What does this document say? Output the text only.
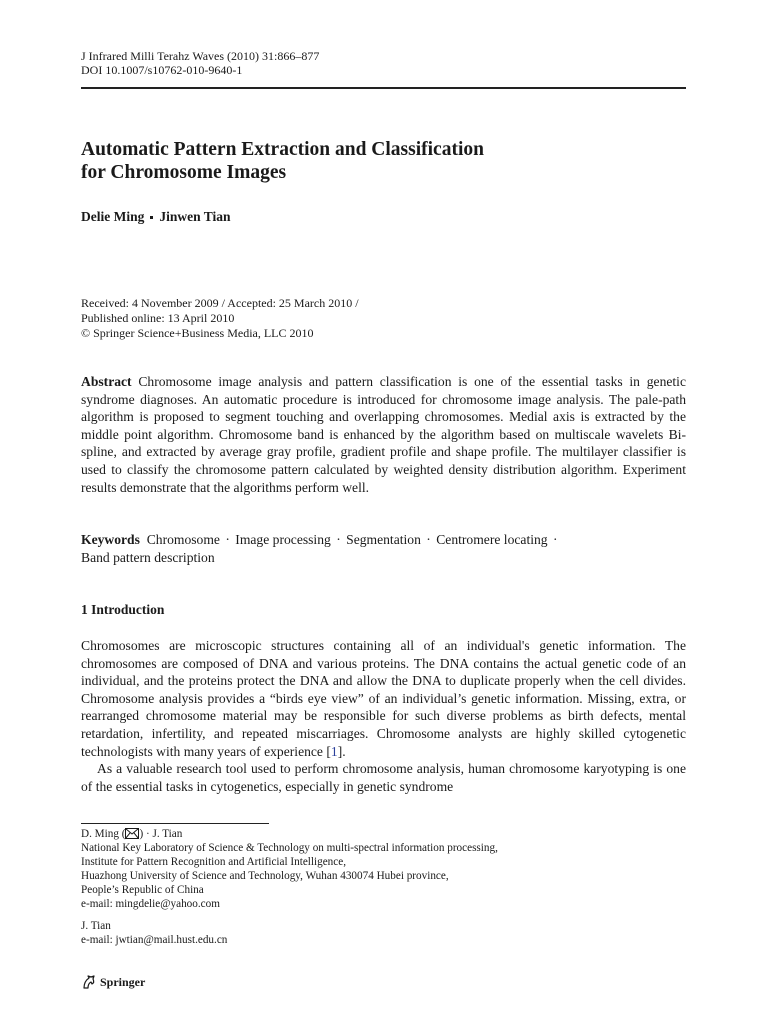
J Infrared Milli Terahz Waves (2010) 31:866–877
DOI 10.1007/s10762-010-9640-1
Automatic Pattern Extraction and Classification
for Chromosome Images
Delie Ming Jinwen Tian
Received: 4 November 2009 / Accepted: 25 March 2010 /
Published online: 13 April 2010
© Springer Science+Business Media, LLC 2010
Abstract Chromosome image analysis and pattern classification is one of the essential tasks in genetic syndrome diagnoses. An automatic procedure is introduced for chromosome image analysis. The pale-path algorithm is proposed to segment touching and overlapping chromosomes. Medial axis is extracted by the middle point algorithm. Chromosome band is enhanced by the algorithm based on multiscale wavelets Bi-spline, and extracted by average gray profile, gradient profile and shape profile. The multilayer classifier is used to classify the chromosome pattern calculated by weighted density distribution algorithm. Experiment results demonstrate that the algorithms perform well.
Keywords Chromosome · Image processing · Segmentation · Centromere locating ·
Band pattern description
1 Introduction

Chromosomes are microscopic structures containing all of an individual's genetic information. The chromosomes are composed of DNA and various proteins. The DNA contains the actual genetic code of an individual, and the proteins protect the DNA and allow the DNA to duplicate properly when the cell divides. Chromosome analysis provides a “birds eye view” of an individual’s genetic information. Missing, extra, or rearranged chromosome material may be responsible for such diverse problems as birth defects, mental retardation, infertility, and repeated miscarriages. Chromosome analysts are highly skilled cytogenetic technologists with many years of experience [1].

As a valuable research tool used to perform chromosome analysis, human chromosome karyotyping is one of the essential tasks in cytogenetics, especially in genetic syndrome

D. Ming ( ) · J. Tian
National Key Laboratory of Science & Technology on multi-spectral information processing,
Institute for Pattern Recognition and Artificial Intelligence,
Huazhong University of Science and Technology, Wuhan 430074 Hubei province,
People’s Republic of China
e-mail: mingdelie@yahoo.com
J. Tian
e-mail: jwtian@mail.hust.edu.cn
Springer
